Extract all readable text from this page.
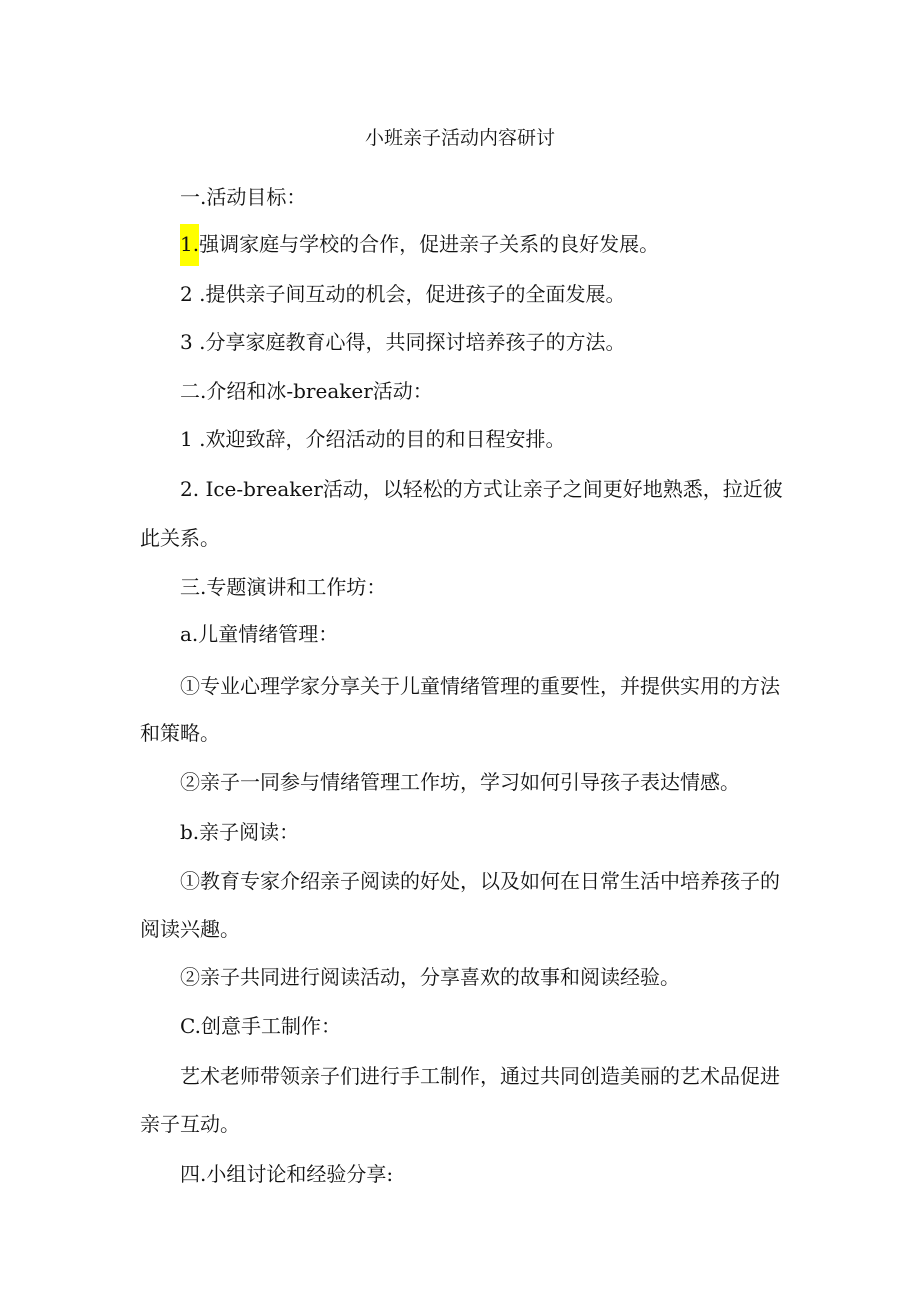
小班亲子活动内容研讨
一.活动目标：
1.强调家庭与学校的合作，促进亲子关系的良好发展。
2 .提供亲子间互动的机会，促进孩子的全面发展。
3 .分享家庭教育心得，共同探讨培养孩子的方法。
二.介绍和冰-breaker活动：
1 .欢迎致辞，介绍活动的目的和日程安排。
2. Ice-breaker活动，以轻松的方式让亲子之间更好地熟悉，拉近彼
此关系。
三.专题演讲和工作坊：
a.儿童情绪管理：
①专业心理学家分享关于儿童情绪管理的重要性，并提供实用的方法
和策略。
②亲子一同参与情绪管理工作坊，学习如何引导孩子表达情感。
b.亲子阅读：
①教育专家介绍亲子阅读的好处，以及如何在日常生活中培养孩子的
阅读兴趣。
②亲子共同进行阅读活动，分享喜欢的故事和阅读经验。
C.创意手工制作：
艺术老师带领亲子们进行手工制作，通过共同创造美丽的艺术品促进
亲子互动。
四.小组讨论和经验分享:
